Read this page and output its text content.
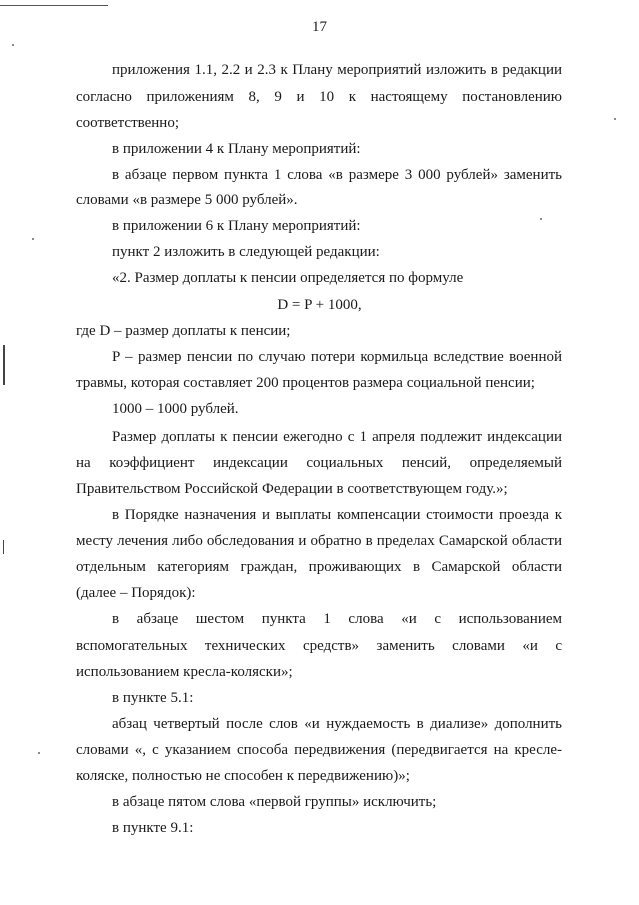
17
приложения 1.1, 2.2 и 2.3 к Плану мероприятий изложить в редакции
согласно приложениям 8, 9 и 10 к настоящему постановлению
соответственно;
в приложении 4 к Плану мероприятий:
в абзаце первом пункта 1 слова «в размере 3 000 рублей» заменить
словами «в размере 5 000 рублей».
в приложении 6 к Плану мероприятий:
пункт 2 изложить в следующей редакции:
«2. Размер доплаты к пенсии определяется по формуле
D = P + 1000,
где D – размер доплаты к пенсии;
P – размер пенсии по случаю потери кормильца вследствие военной
травмы, которая составляет 200 процентов размера социальной пенсии;
1000 – 1000 рублей.
Размер доплаты к пенсии ежегодно с 1 апреля подлежит индексации
на коэффициент индексации социальных пенсий, определяемый
Правительством Российской Федерации в соответствующем году.»;
в Порядке назначения и выплаты компенсации стоимости проезда к
месту лечения либо обследования и обратно в пределах Самарской области
отдельным категориям граждан, проживающих в Самарской области
(далее – Порядок):
в абзаце шестом пункта 1 слова «и с использованием
вспомогательных технических средств» заменить словами «и с
использованием кресла-коляски»;
в пункте 5.1:
абзац четвертый после слов «и нуждаемость в диализе» дополнить
словами «, с указанием способа передвижения (передвигается на кресле-
коляске, полностью не способен к передвижению)»;
в абзаце пятом слова «первой группы» исключить;
в пункте 9.1:
